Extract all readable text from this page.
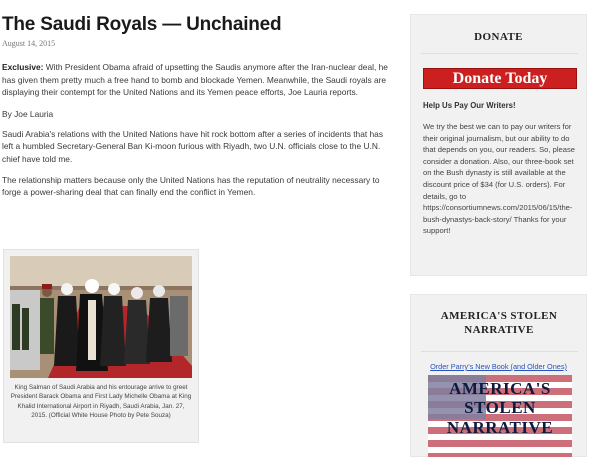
The Saudi Royals — Unchained
August 14, 2015
Exclusive: With President Obama afraid of upsetting the Saudis anymore after the Iran-nuclear deal, he has given them pretty much a free hand to bomb and blockade Yemen. Meanwhile, the Saudi royals are displaying their contempt for the United Nations and its Yemen peace efforts, Joe Lauria reports.
By Joe Lauria
Saudi Arabia's relations with the United Nations have hit rock bottom after a series of incidents that has left a humbled Secretary-General Ban Ki-moon furious with Riyadh, two U.N. officials close to the U.N. chief have told me.
The relationship matters because only the United Nations has the reputation of neutrality necessary to forge a power-sharing deal that can finally end the conflict in Yemen.
King Salman of Saudi Arabia and his entourage arrive to greet President Barack Obama and First Lady Michelle Obama at King Khalid International Airport in Riyadh, Saudi Arabia, Jan. 27, 2015. (Official White House Photo by Pete Souza)
DONATE
Donate Today
Help Us Pay Our Writers!
We try the best we can to pay our writers for their original journalism, but our ability to do that depends on you, our readers. So, please consider a donation. Also, our three-book set on the Bush dynasty is still available at the discount price of $34 (for U.S. orders). For details, go to https://consortiumnews.com/2015/06/15/the-bush-dynastys-back-story/ Thanks for your support!
AMERICA'S STOLEN NARRATIVE
Order Parry's New Book (and Older Ones)
AMERICA'S
STOLEN
NARRATIVE
